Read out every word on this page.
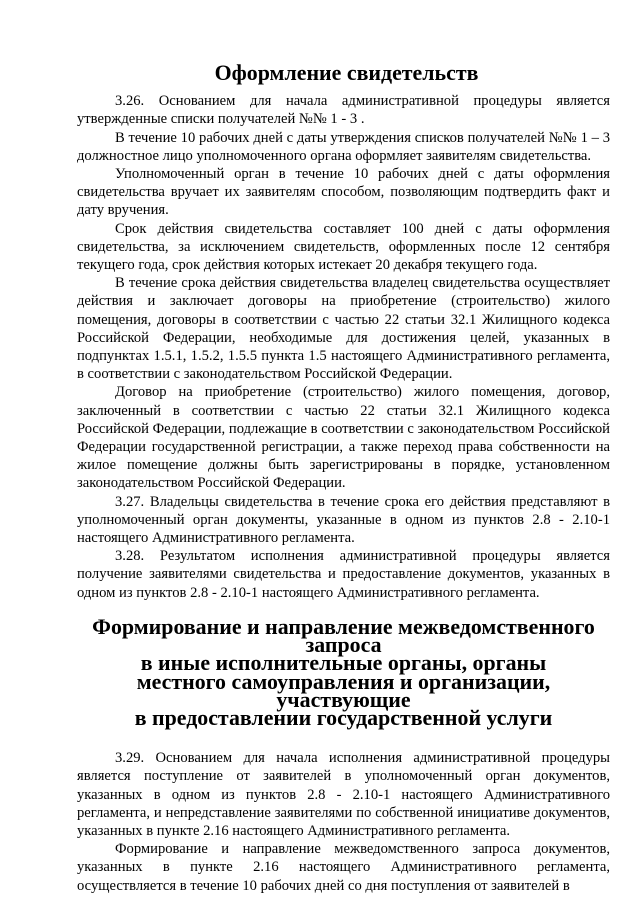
Оформление свидетельств

3.26. Основанием для начала административной процедуры является утвержденные списки получателей №№ 1 - 3 .

В течение 10 рабочих дней с даты утверждения списков получателей №№ 1 – 3 должностное лицо уполномоченного органа оформляет заявителям свидетельства.

Уполномоченный орган в течение 10 рабочих дней с даты оформления свидетельства вручает их заявителям способом, позволяющим подтвердить факт и дату вручения.

Срок действия свидетельства составляет 100 дней с даты оформления свидетельства, за исключением свидетельств, оформленных после 12 сентября текущего года, срок действия которых истекает 20 декабря текущего года.

В течение срока действия свидетельства владелец свидетельства осуществляет действия и заключает договоры на приобретение (строительство) жилого помещения, договоры в соответствии с частью 22 статьи 32.1 Жилищного кодекса Российской Федерации, необходимые для достижения целей, указанных в подпунктах 1.5.1, 1.5.2, 1.5.5 пункта 1.5 настоящего Административного регламента, в соответствии с законодательством Российской Федерации.

Договор на приобретение (строительство) жилого помещения, договор, заключенный в соответствии с частью 22 статьи 32.1 Жилищного кодекса Российской Федерации, подлежащие в соответствии с законодательством Российской Федерации государственной регистрации, а также переход права собственности на жилое помещение должны быть зарегистрированы в порядке, установленном законодательством Российской Федерации.

3.27. Владельцы свидетельства в течение срока его действия представляют в уполномоченный орган документы, указанные в одном из пунктов 2.8 - 2.10-1 настоящего Административного регламента.

3.28. Результатом исполнения административной процедуры является получение заявителями свидетельства и предоставление документов, указанных в одном из пунктов 2.8 - 2.10-1 настоящего Административного регламента.

Формирование и направление межведомственного запроса
в иные исполнительные органы, органы
местного самоуправления и организации, участвующие
в предоставлении государственной услуги

3.29. Основанием для начала исполнения административной процедуры является поступление от заявителей в уполномоченный орган документов, указанных в одном из пунктов 2.8 - 2.10-1 настоящего Административного регламента, и непредставление заявителями по собственной инициативе документов, указанных в пункте 2.16 настоящего Административного регламента.

Формирование и направление межведомственного запроса документов, указанных в пункте 2.16 настоящего Административного регламента, осуществляется в течение 10 рабочих дней со дня поступления от заявителей в
